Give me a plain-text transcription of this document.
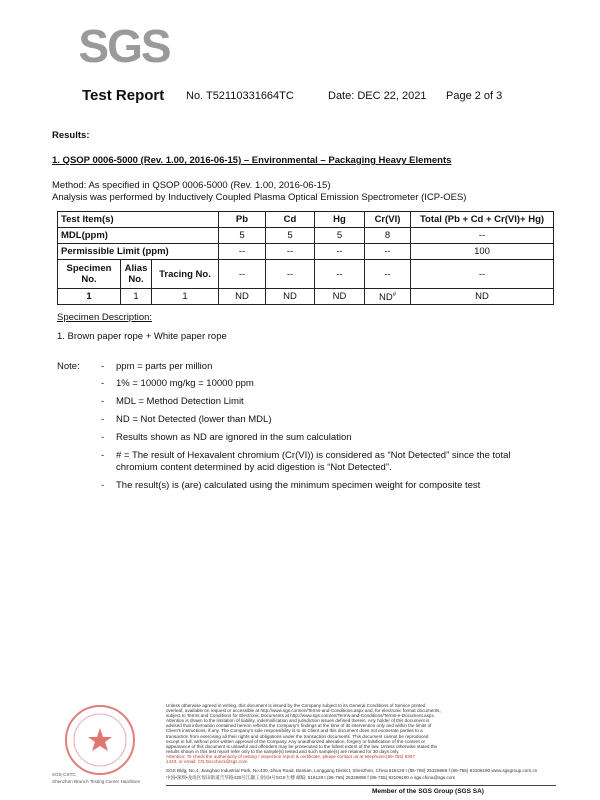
SGS
Test Report No. T52110331664TC	Date: DEC 22, 2021 Page 2 of 3
Results:
1. QSOP 0006-5000 (Rev. 1.00, 2016-06-15) – Environmental – Packaging Heavy Elements
Method: As specified in QSOP 0006-5000 (Rev. 1.00, 2016-06-15)
Analysis was performed by Inductively Coupled Plasma Optical Emission Spectrometer (ICP-OES)
Test Item(s)			Pb	Cd	Hg	Cr(VI)	Total (Pb + Cd + Cr(VI)+ Hg)
MDL(ppm)			5	5	5	8	--
Permissible Limit (ppm)			--	--	--	--	100
Specimen No.	Alias No.	Tracing No.	--	--	--	--	--
1	1	1	ND	ND	ND	ND#	ND
Specimen Description:
1. Brown paper rope + White paper rope
Note: - ppm = parts per million
- 1% = 10000 mg/kg = 10000 ppm
- MDL = Method Detection Limit
- ND = Not Detected (lower than MDL)
- Results shown as ND are ignored in the sum calculation
- # = The result of Hexavalent chromium (Cr(VI)) is considered as “Not Detected” since the total
chromium content determined by acid digestion is “Not Detected”.
- The result(s) is (are) calculated using the minimum specimen weight for composite test
SGS-CSTC
Shenzhen Branch Testing Center Hardlines
Unless otherwise agreed in writing, this document is issued by the Company subject to its General Conditions of Service printed
overleaf, available on request or accessible at http://www.sgs.com/en/Terms-and-Conditions.aspx and, for electronic format documents,
subject to Terms and Conditions for Electronic Documents at http://www.sgs.com/en/Terms-and-Conditions/Terms-e-Document.aspx.
Attention is drawn to the limitation of liability, indemnification and jurisdiction issues defined therein. Any holder of this document is
advised that information contained hereon reflects the Company's findings at the time of its intervention only and within the limits of
Client's instructions, if any. The Company's sole responsibility is to its Client and this document does not exonerate parties to a
transaction from exercising all their rights and obligations under the transaction documents. This document cannot be reproduced
except in full, without prior written approval of the Company. Any unauthorized alteration, forgery or falsification of the content or
appearance of this document is unlawful and offenders may be prosecuted to the fullest extent of the law. Unless otherwise stated the
results shown in this test report refer only to the sample(s) tested and such sample(s) are retained for 30 days only.
Attention: To check the authenticity of testing / inspection report & certificate, please contact us at telephone:(86-755) 8307
1443, or email: CN.Doccheck@sgs.com
SGS Bldg, No.4, Jianghao Industrial Park, No.430, Jihua Road, Bantian, Longgang District, Shenzhen, China 518129 t (86-755) 25328888 f (86-755) 83106190 www.sgsgroup.com.cn
中国•深圳•龙岗区坂田街道吉华路430号江灝工业园4号SGS大楼 邮编: 518129 t (86-755) 25328888 f (86-755) 83106190 e sgs.china@sgs.com
Member of the SGS Group (SGS SA)
